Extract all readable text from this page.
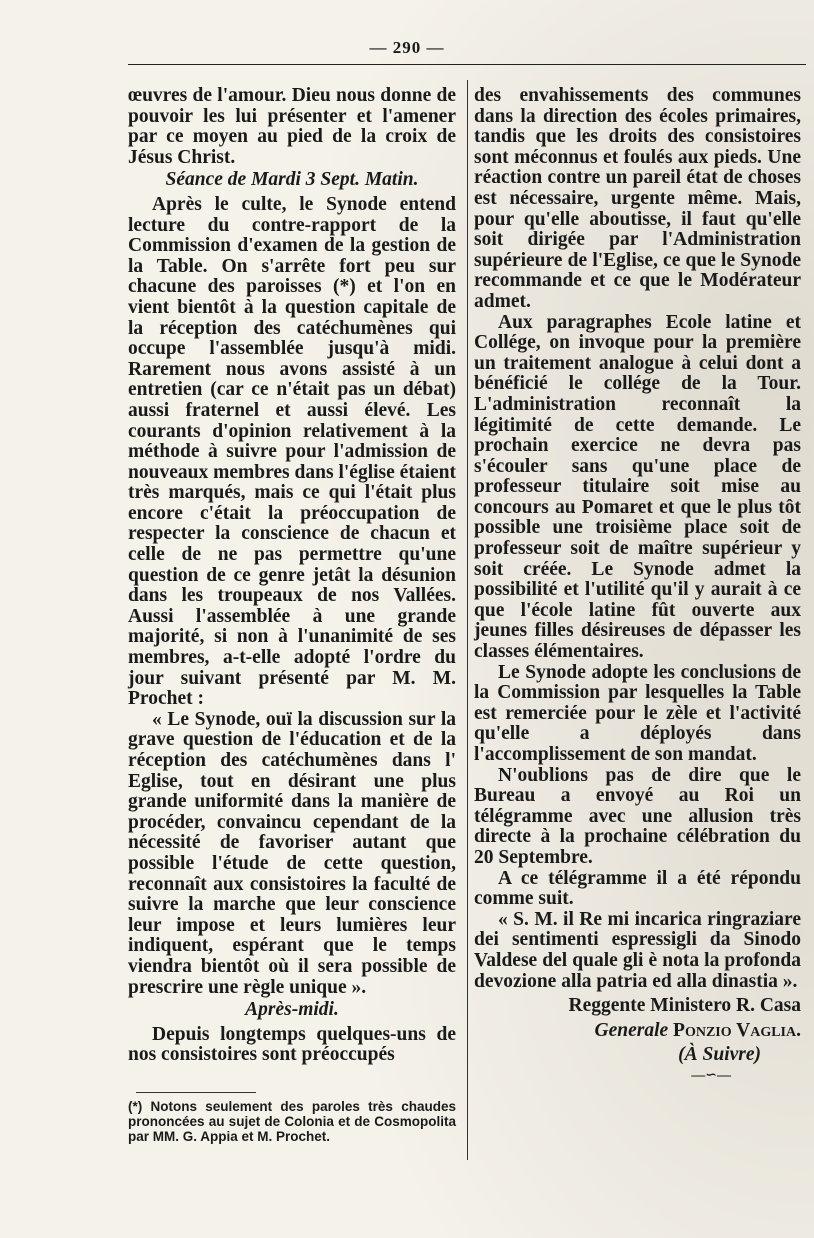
— 290 —

œuvres de l'amour. Dieu nous donne de pouvoir les lui présenter et l'amener par ce moyen au pied de la croix de Jésus Christ.

Séance de Mardi 3 Sept. Matin.

Après le culte, le Synode entend lecture du contre-rapport de la Commission d'examen de la gestion de la Table. On s'arrête fort peu sur chacune des paroisses (*) et l'on en vient bientôt à la question capitale de la réception des catéchumènes qui occupe l'assemblée jusqu'à midi. Rarement nous avons assisté à un entretien (car ce n'était pas un débat) aussi fraternel et aussi élevé. Les courants d'opinion relativement à la méthode à suivre pour l'admission de nouveaux membres dans l'église étaient très marqués, mais ce qui l'était plus encore c'était la préoccupation de respecter la conscience de chacun et celle de ne pas permettre qu'une question de ce genre jetât la désunion dans les troupeaux de nos Vallées. Aussi l'assemblée à une grande majorité, si non à l'unanimité de ses membres, a-t-elle adopté l'ordre du jour suivant présenté par M. M. Prochet :

« Le Synode, ouï la discussion sur la grave question de l'éducation et de la réception des catéchumènes dans l' Eglise, tout en désirant une plus grande uniformité dans la manière de procéder, convaincu cependant de la nécessité de favoriser autant que possible l'étude de cette question, reconnaît aux consistoires la faculté de suivre la marche que leur conscience leur impose et leurs lumières leur indiquent, espérant que le temps viendra bientôt où il sera possible de prescrire une règle unique ».

Après-midi.

Depuis longtemps quelques-uns de nos consistoires sont préoccupés

(*) Notons seulement des paroles très chaudes prononcées au sujet de Colonia et de Cosmopolita par MM. G. Appia et M. Prochet.

des envahissements des communes dans la direction des écoles primaires, tandis que les droits des consistoires sont méconnus et foulés aux pieds. Une réaction contre un pareil état de choses est nécessaire, urgente même. Mais, pour qu'elle aboutisse, il faut qu'elle soit dirigée par l'Administration supérieure de l'Eglise, ce que le Synode recommande et ce que le Modérateur admet.

Aux paragraphes Ecole latine et Collége, on invoque pour la première un traitement analogue à celui dont a bénéficié le collége de la Tour. L'administration reconnaît la légitimité de cette demande. Le prochain exercice ne devra pas s'écouler sans qu'une place de professeur titulaire soit mise au concours au Pomaret et que le plus tôt possible une troisième place soit de professeur soit de maître supérieur y soit créée. Le Synode admet la possibilité et l'utilité qu'il y aurait à ce que l'école latine fût ouverte aux jeunes filles désireuses de dépasser les classes élémentaires.

Le Synode adopte les conclusions de la Commission par lesquelles la Table est remerciée pour le zèle et l'activité qu'elle a déployés dans l'accomplissement de son mandat.

N'oublions pas de dire que le Bureau a envoyé au Roi un télégramme avec une allusion très directe à la prochaine célébration du 20 Septembre.

A ce télégramme il a été répondu comme suit.

« S. M. il Re mi incarica ringraziare dei sentimenti espressigli da Sinodo Valdese del quale gli è nota la profonda devozione alla patria ed alla dinastia ».

Reggente Ministero R. Casa

Generale Ponzio Vaglia.

(À Suivre)

—∽—
